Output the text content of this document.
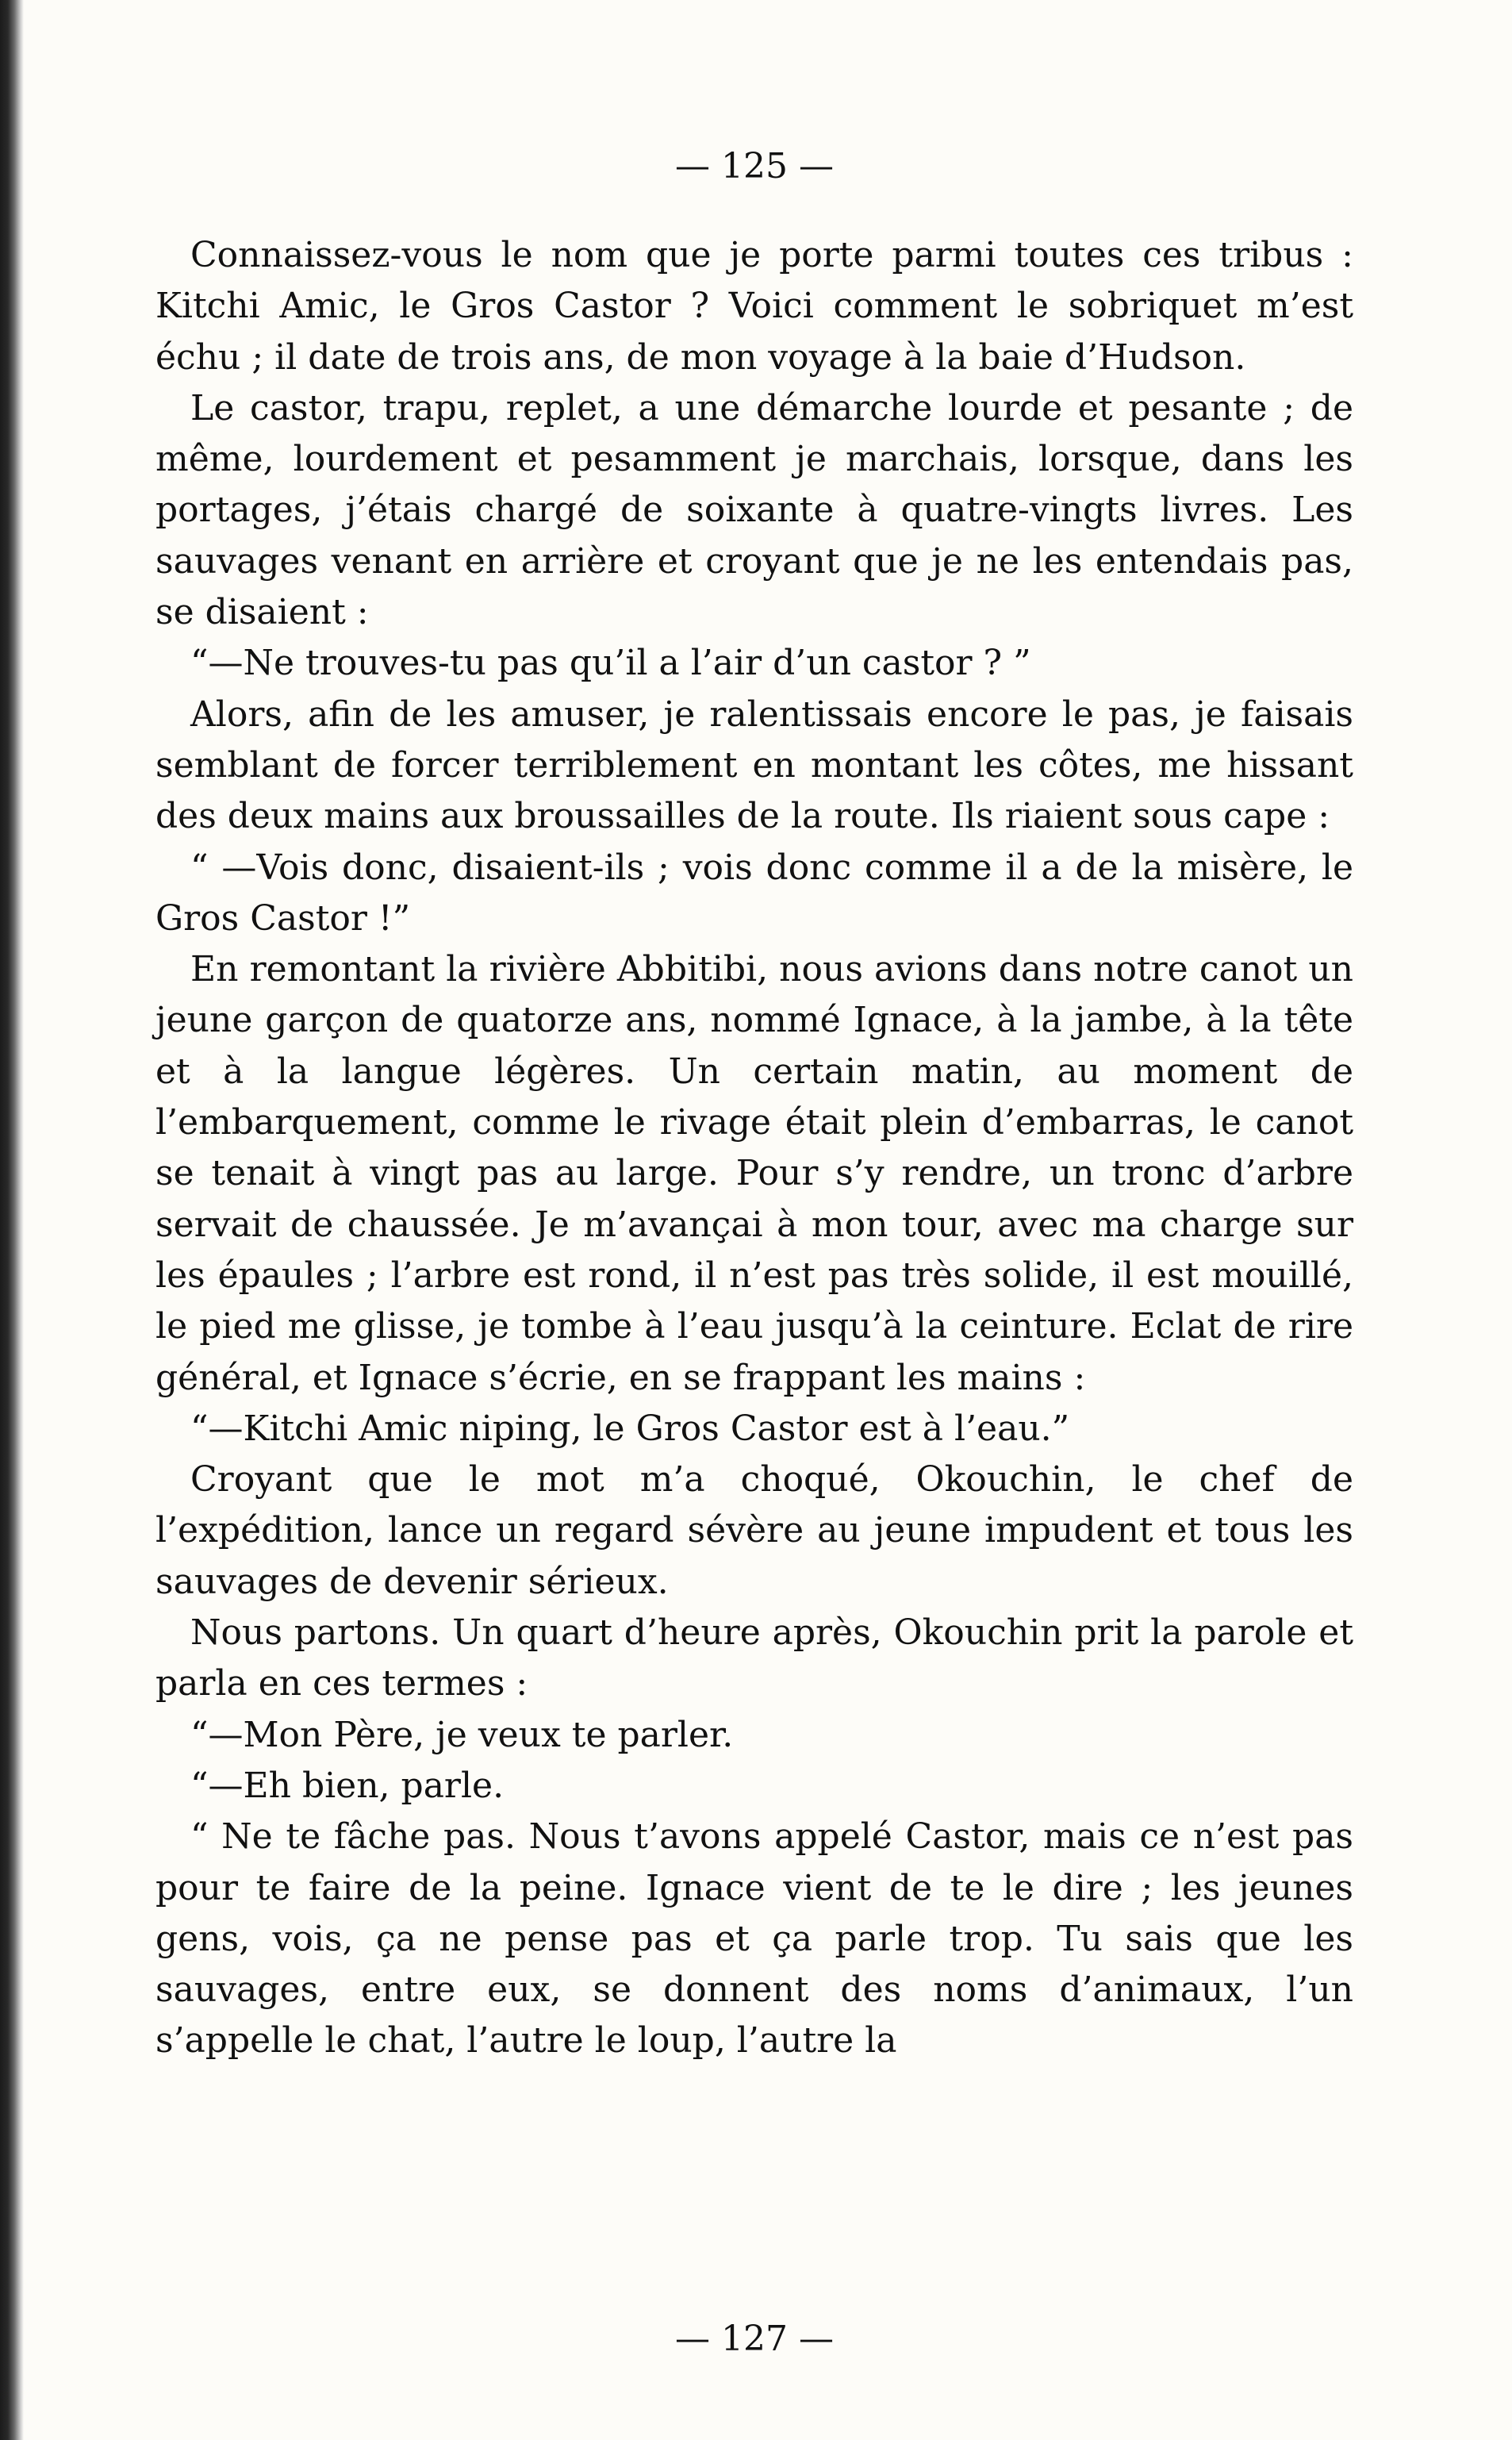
— 125 —

Connaissez-vous le nom que je porte parmi toutes ces tribus : Kitchi Amic, le Gros Castor ? Voici comment le sobriquet m’est échu ; il date de trois ans, de mon voyage à la baie d’Hudson.

Le castor, trapu, replet, a une démarche lourde et pesante ; de même, lourdement et pesamment je marchais, lorsque, dans les portages, j’étais chargé de soixante à quatre-vingts livres. Les sauvages venant en arrière et croyant que je ne les entendais pas, se disaient :

“—Ne trouves-tu pas qu’il a l’air d’un castor ? ”

Alors, afin de les amuser, je ralentissais encore le pas, je faisais semblant de forcer terriblement en montant les côtes, me hissant des deux mains aux broussailles de la route. Ils riaient sous cape :

“ —Vois donc, disaient-ils ; vois donc comme il a de la misère, le Gros Castor !”

En remontant la rivière Abbitibi, nous avions dans notre canot un jeune garçon de quatorze ans, nommé Ignace, à la jambe, à la tête et à la langue légères. Un certain matin, au moment de l’embarquement, comme le rivage était plein d’embarras, le canot se tenait à vingt pas au large. Pour s’y rendre, un tronc d’arbre servait de chaussée. Je m’avançai à mon tour, avec ma charge sur les épaules ; l’arbre est rond, il n’est pas très solide, il est mouillé, le pied me glisse, je tombe à l’eau jusqu’à la ceinture. Eclat de rire général, et Ignace s’écrie, en se frappant les mains :

“—Kitchi Amic niping, le Gros Castor est à l’eau.”

Croyant que le mot m’a choqué, Okouchin, le chef de l’expédition, lance un regard sévère au jeune impudent et tous les sauvages de devenir sérieux.

Nous partons. Un quart d’heure après, Okouchin prit la parole et parla en ces termes :

“—Mon Père, je veux te parler.

“—Eh bien, parle.

“ Ne te fâche pas. Nous t’avons appelé Castor, mais ce n’est pas pour te faire de la peine. Ignace vient de te le dire ; les jeunes gens, vois, ça ne pense pas et ça parle trop. Tu sais que les sauvages, entre eux, se donnent des noms d’animaux, l’un s’appelle le chat, l’autre le loup, l’autre la

— 127 —
